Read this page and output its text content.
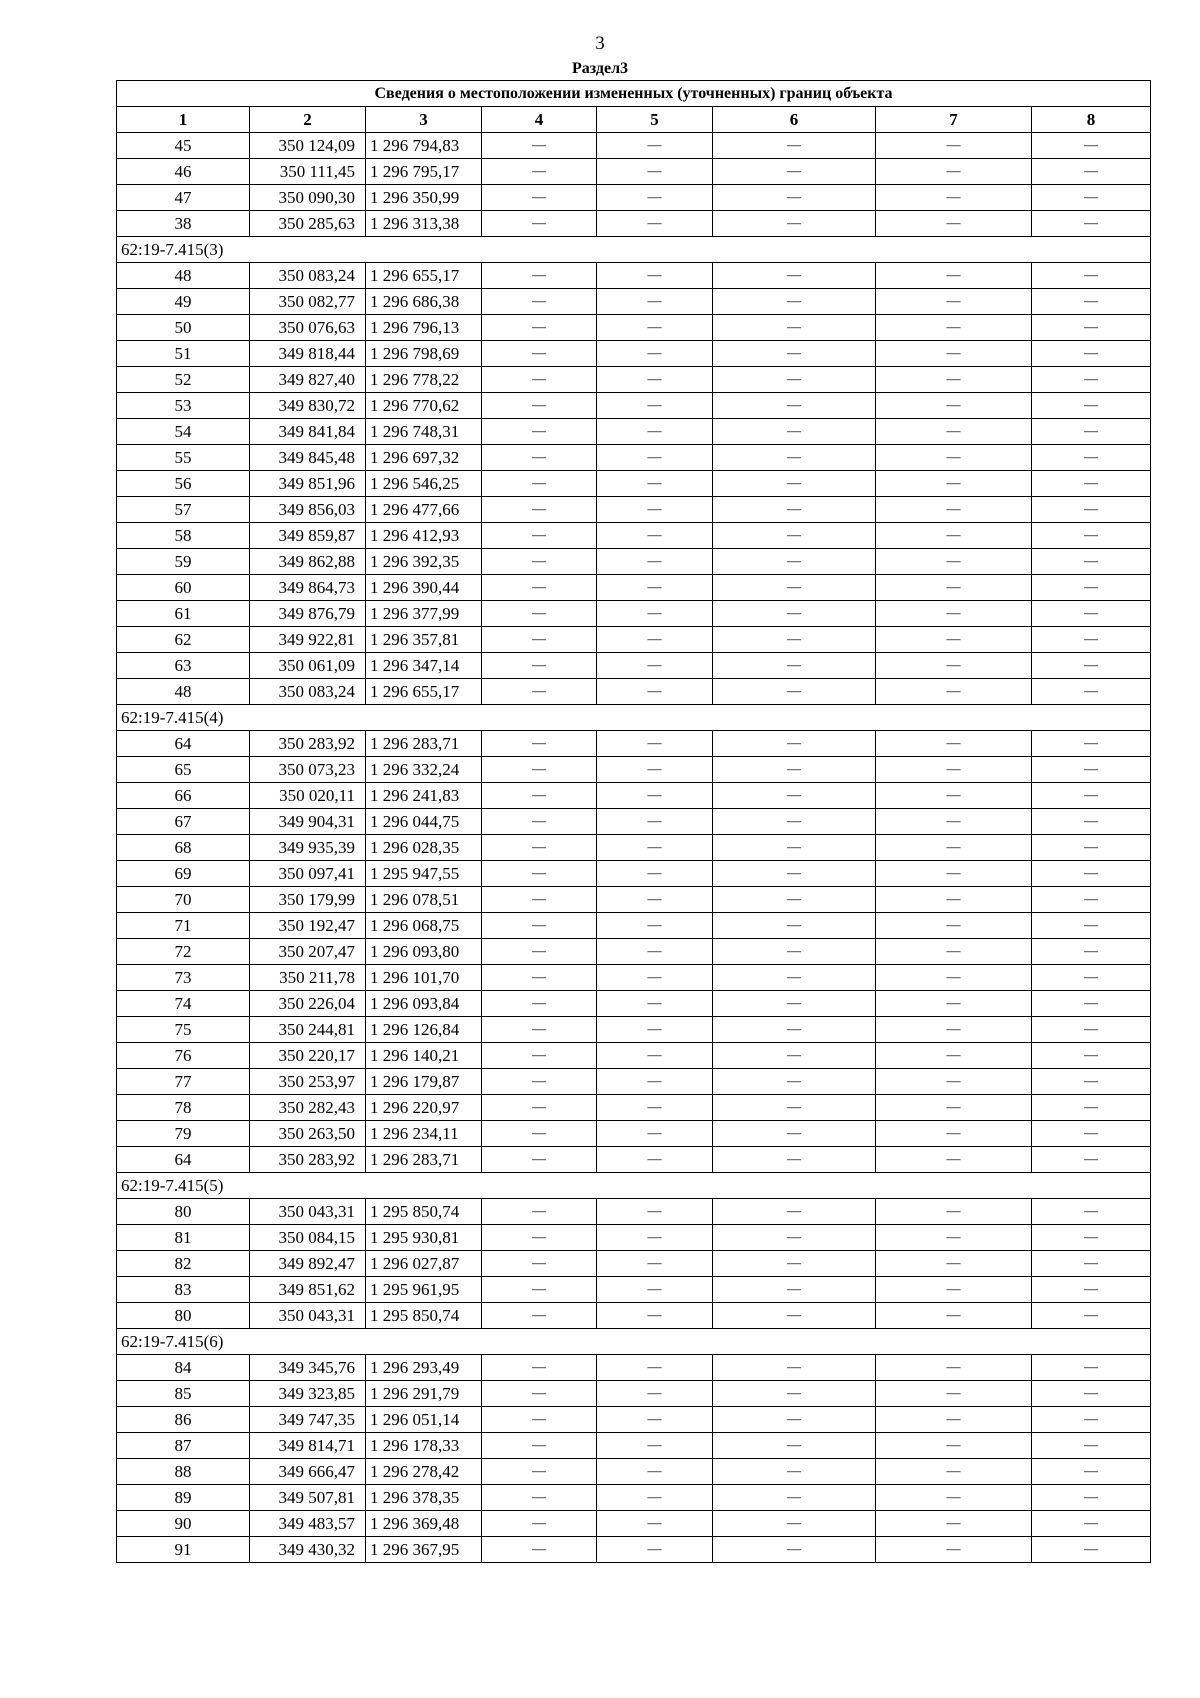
3
Раздел3
Сведения о местоположении измененных (уточненных) границ объекта							
1	2	3	4	5	6	7	8
45	350 124,09	1 296 794,83	—	—	—	—	—
46	350 111,45	1 296 795,17	—	—	—	—	—
47	350 090,30	1 296 350,99	—	—	—	—	—
38	350 285,63	1 296 313,38	—	—	—	—	—
62:19-7.415(3)							
48	350 083,24	1 296 655,17	—	—	—	—	—
49	350 082,77	1 296 686,38	—	—	—	—	—
50	350 076,63	1 296 796,13	—	—	—	—	—
51	349 818,44	1 296 798,69	—	—	—	—	—
52	349 827,40	1 296 778,22	—	—	—	—	—
53	349 830,72	1 296 770,62	—	—	—	—	—
54	349 841,84	1 296 748,31	—	—	—	—	—
55	349 845,48	1 296 697,32	—	—	—	—	—
56	349 851,96	1 296 546,25	—	—	—	—	—
57	349 856,03	1 296 477,66	—	—	—	—	—
58	349 859,87	1 296 412,93	—	—	—	—	—
59	349 862,88	1 296 392,35	—	—	—	—	—
60	349 864,73	1 296 390,44	—	—	—	—	—
61	349 876,79	1 296 377,99	—	—	—	—	—
62	349 922,81	1 296 357,81	—	—	—	—	—
63	350 061,09	1 296 347,14	—	—	—	—	—
48	350 083,24	1 296 655,17	—	—	—	—	—
62:19-7.415(4)							
64	350 283,92	1 296 283,71	—	—	—	—	—
65	350 073,23	1 296 332,24	—	—	—	—	—
66	350 020,11	1 296 241,83	—	—	—	—	—
67	349 904,31	1 296 044,75	—	—	—	—	—
68	349 935,39	1 296 028,35	—	—	—	—	—
69	350 097,41	1 295 947,55	—	—	—	—	—
70	350 179,99	1 296 078,51	—	—	—	—	—
71	350 192,47	1 296 068,75	—	—	—	—	—
72	350 207,47	1 296 093,80	—	—	—	—	—
73	350 211,78	1 296 101,70	—	—	—	—	—
74	350 226,04	1 296 093,84	—	—	—	—	—
75	350 244,81	1 296 126,84	—	—	—	—	—
76	350 220,17	1 296 140,21	—	—	—	—	—
77	350 253,97	1 296 179,87	—	—	—	—	—
78	350 282,43	1 296 220,97	—	—	—	—	—
79	350 263,50	1 296 234,11	—	—	—	—	—
64	350 283,92	1 296 283,71	—	—	—	—	—
62:19-7.415(5)							
80	350 043,31	1 295 850,74	—	—	—	—	—
81	350 084,15	1 295 930,81	—	—	—	—	—
82	349 892,47	1 296 027,87	—	—	—	—	—
83	349 851,62	1 295 961,95	—	—	—	—	—
80	350 043,31	1 295 850,74	—	—	—	—	—
62:19-7.415(6)							
84	349 345,76	1 296 293,49	—	—	—	—	—
85	349 323,85	1 296 291,79	—	—	—	—	—
86	349 747,35	1 296 051,14	—	—	—	—	—
87	349 814,71	1 296 178,33	—	—	—	—	—
88	349 666,47	1 296 278,42	—	—	—	—	—
89	349 507,81	1 296 378,35	—	—	—	—	—
90	349 483,57	1 296 369,48	—	—	—	—	—
91	349 430,32	1 296 367,95	—	—	—	—	—
